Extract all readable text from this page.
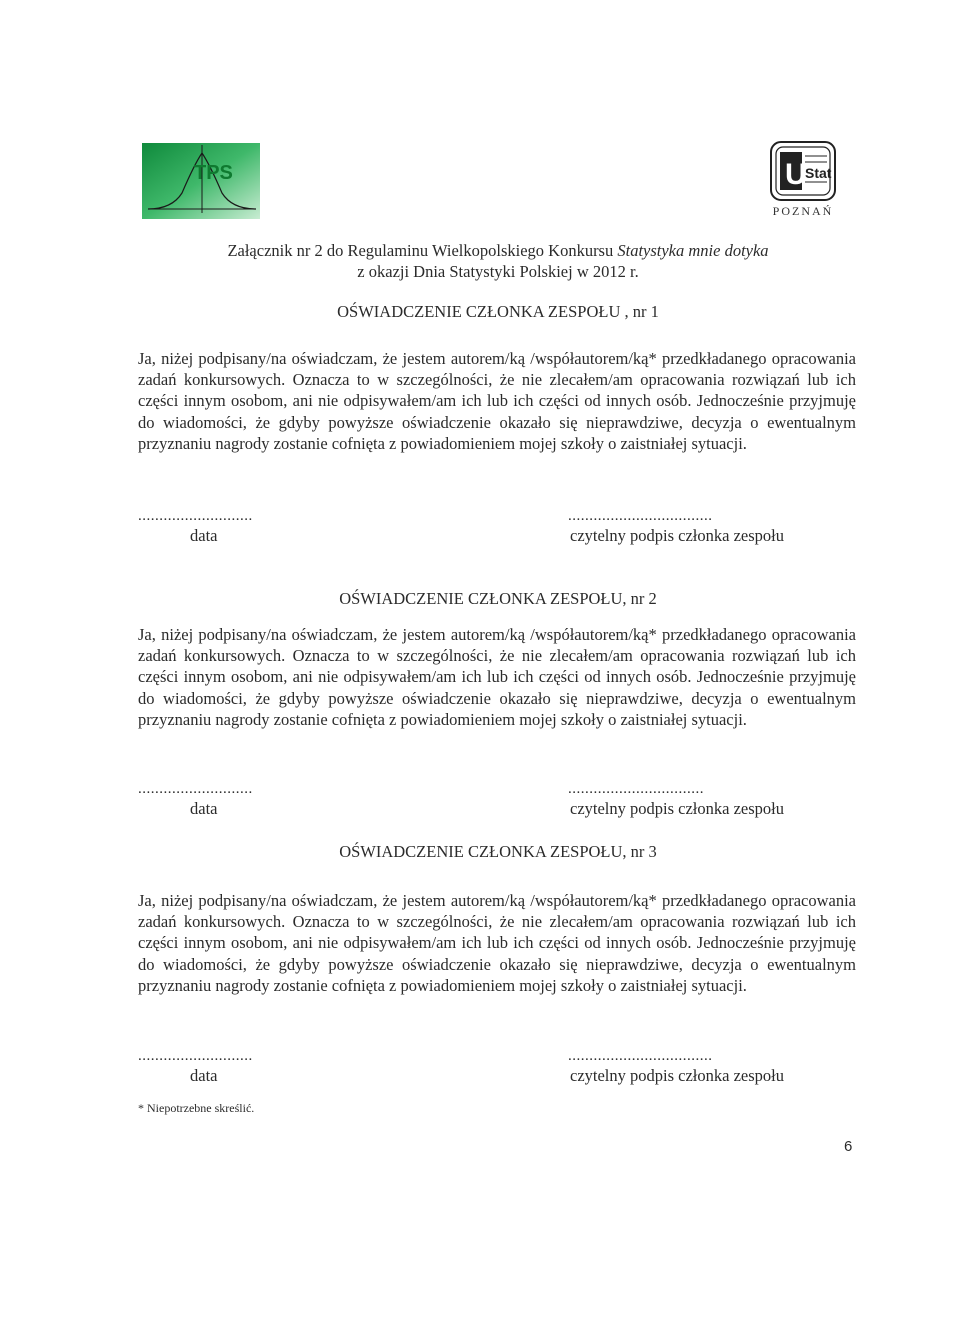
TPS	U
Stat
POZNAŃ
Załącznik nr 2 do Regulaminu Wielkopolskiego Konkursu Statystyka mnie dotyka
z okazji Dnia Statystyki Polskiej w 2012 r.
OŚWIADCZENIE CZŁONKA ZESPOŁU , nr 1
Ja, niżej podpisany/na oświadczam, że jestem autorem/ką /współautorem/ką* przedkładanego opracowania zadań konkursowych. Oznacza to w szczególności, że nie zlecałem/am opracowania rozwiązań lub ich części innym osobom, ani nie odpisywałem/am ich lub ich części od innych osób. Jednocześnie przyjmuję do wiadomości, że gdyby powyższe oświadczenie okazało się nieprawdziwe, decyzja o ewentualnym przyznaniu nagrody zostanie cofnięta z powiadomieniem mojej szkoły o zaistniałej sytuacji.
...........................
data
..................................
czytelny podpis członka zespołu
OŚWIADCZENIE CZŁONKA ZESPOŁU, nr 2
Ja, niżej podpisany/na oświadczam, że jestem autorem/ką /współautorem/ką* przedkładanego opracowania zadań konkursowych. Oznacza to w szczególności, że nie zlecałem/am opracowania rozwiązań lub ich części innym osobom, ani nie odpisywałem/am ich lub ich części od innych osób. Jednocześnie przyjmuję do wiadomości, że gdyby powyższe oświadczenie okazało się nieprawdziwe, decyzja o ewentualnym przyznaniu nagrody zostanie cofnięta z powiadomieniem mojej szkoły o zaistniałej sytuacji.
...........................
data
................................
czytelny podpis członka zespołu
OŚWIADCZENIE CZŁONKA ZESPOŁU, nr 3
Ja, niżej podpisany/na oświadczam, że jestem autorem/ką /współautorem/ką* przedkładanego opracowania zadań konkursowych. Oznacza to w szczególności, że nie zlecałem/am opracowania rozwiązań lub ich części innym osobom, ani nie odpisywałem/am ich lub ich części od innych osób. Jednocześnie przyjmuję do wiadomości, że gdyby powyższe oświadczenie okazało się nieprawdziwe, decyzja o ewentualnym przyznaniu nagrody zostanie cofnięta z powiadomieniem mojej szkoły o zaistniałej sytuacji.
...........................
data
..................................
czytelny podpis członka zespołu
* Niepotrzebne skreślić.
6
